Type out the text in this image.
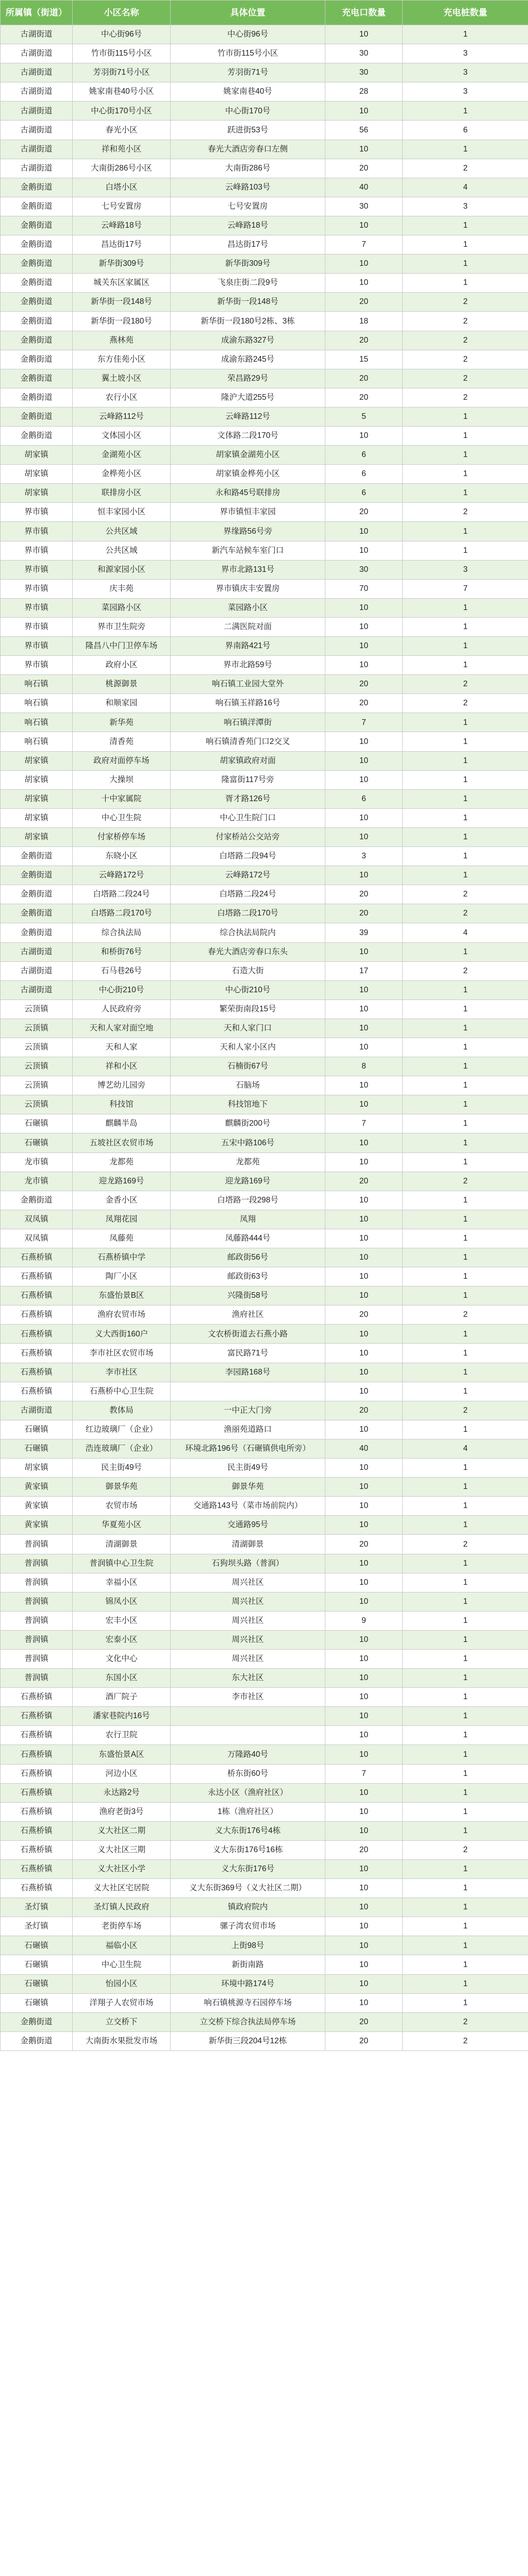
所属镇（街道）	小区名称	具体位置	充电口数量	充电桩数量
古湖街道	中心街96号	中心街96号	10	1
古湖街道	竹市街115号小区	竹市街115号小区	30	3
古湖街道	芳羽街71号小区	芳羽街71号	30	3
古湖街道	姚家南巷40号小区	姚家南巷40号	28	3
古湖街道	中心街170号小区	中心街170号	10	1
古湖街道	春光小区	跃进街53号	56	6
古湖街道	祥和苑小区	春光大酒店旁春口左侧	10	1
古湖街道	大南街286号小区	大南街286号	20	2
金鹅街道	白塔小区	云峰路103号	40	4
金鹅街道	七号安置房	七号安置房	30	3
金鹅街道	云峰路18号	云峰路18号	10	1
金鹅街道	昌达街17号	昌达街17号	7	1
金鹅街道	新华街309号	新华街309号	10	1
金鹅街道	城关东区家属区	飞泉庄街二段9号	10	1
金鹅街道	新华街一段148号	新华街一段148号	20	2
金鹅街道	新华街一段180号	新华街一段180号2栋、3栋	18	2
金鹅街道	燕林苑	成渝东路327号	20	2
金鹅街道	东方佳苑小区	成渝东路245号	15	2
金鹅街道	翼土坡小区	荣昌路29号	20	2
金鹅街道	农行小区	隆沪大道255号	20	2
金鹅街道	云峰路112号	云峰路112号	5	1
金鹅街道	文体园小区	文体路二段170号	10	1
胡家镇	金湖苑小区	胡家镇金湖苑小区	6	1
胡家镇	金桦苑小区	胡家镇金桦苑小区	6	1
胡家镇	联排房小区	永和路45号联排房	6	1
界市镇	恒丰家园小区	界市镇恒丰家园	20	2
界市镇	公共区域	界缘路56号旁	10	1
界市镇	公共区域	新汽车站候车室门口	10	1
界市镇	和源家园小区	界市北路131号	30	3
界市镇	庆丰苑	界市镇庆丰安置房	70	7
界市镇	菜园路小区	菜园路小区	10	1
界市镇	界市卫生院旁	二满医院对面	10	1
界市镇	隆昌八中门卫停车场	界南路421号	10	1
界市镇	政府小区	界市北路59号	10	1
响石镇	桃源御景	响石镇工业园大堂外	20	2
响石镇	和顺家园	响石镇玉祥路16号	20	2
响石镇	新华苑	响石镇洋潭街	7	1
响石镇	清香苑	响石镇清香苑门口2交叉	10	1
胡家镇	政府对面停车场	胡家镇政府对面	10	1
胡家镇	大操坝	隆富街117号旁	10	1
胡家镇	十中家属院	胥才路126号	6	1
胡家镇	中心卫生院	中心卫生院门口	10	1
胡家镇	付家桥停车场	付家桥站公交站旁	10	1
金鹅街道	东晓小区	白塔路二段94号	3	1
金鹅街道	云峰路172号	云峰路172号	10	1
金鹅街道	白塔路二段24号	白塔路二段24号	20	2
金鹅街道	白塔路二段170号	白塔路二段170号	20	2
金鹅街道	综合执法局	综合执法局院内	39	4
古湖街道	和桥街76号	春光大酒店旁春口东头	10	1
古湖街道	石马巷26号	石造大街	17	2
古湖街道	中心街210号	中心街210号	10	1
云顶镇	人民政府旁	繁荣街南段15号	10	1
云顶镇	天和人家对面空地	天和人家门口	10	1
云顶镇	天和人家	天和人家小区内	10	1
云顶镇	祥和小区	石楠街67号	8	1
云顶镇	博艺幼儿园旁	石脑场	10	1
云顶镇	科技馆	科技馆地下	10	1
石碾镇	麒麟半岛	麒麟街200号	7	1
石碾镇	五坡社区农贸市场	五宋中路106号	10	1
龙市镇	龙都苑	龙都苑	10	1
龙市镇	迎龙路169号	迎龙路169号	20	2
金鹅街道	金香小区	白塔路一段298号	10	1
双凤镇	凤翔花园	凤翔	10	1
双凤镇	凤藤苑	凤藤路444号	10	1
石燕桥镇	石燕桥镇中学	邮政街56号	10	1
石燕桥镇	陶厂小区	邮政街63号	10	1
石燕桥镇	东盛怡景B区	兴隆街58号	10	1
石燕桥镇	渔府农贸市场	渔府社区	20	2
石燕桥镇	义大西街160户	文农桥街道去石燕小路	10	1
石燕桥镇	李市社区农贸市场	富民路71号	10	1
石燕桥镇	李市社区	李园路168号	10	1
石燕桥镇	石燕桥中心卫生院		10	1
古湖街道	教体局	一中正大门旁	20	2
石碾镇	红边玻璃厂（企业）	渔丽苑道路口	10	1
石碾镇	浩连玻璃厂（企业）	环境北路196号（石碾镇供电所旁）	40	4
胡家镇	民主街49号	民主街49号	10	1
黄家镇	御景华苑	御景华苑	10	1
黄家镇	农贸市场	交通路143号（菜市场前院内）	10	1
黄家镇	华夏苑小区	交通路95号	10	1
普润镇	清湖御景	清湖御景	20	2
普润镇	普润镇中心卫生院	石狗坝头路（普润）	10	1
普润镇	幸福小区	周兴社区	10	1
普润镇	锦凤小区	周兴社区	10	1
普润镇	宏丰小区	周兴社区	9	1
普润镇	宏泰小区	周兴社区	10	1
普润镇	文化中心	周兴社区	10	1
普润镇	东国小区	东大社区	10	1
石燕桥镇	酒厂院子	李市社区	10	1
石燕桥镇	潘家巷院内16号		10	1
石燕桥镇	农行卫院		10	1
石燕桥镇	东盛怡景A区	万隆路40号	10	1
石燕桥镇	河边小区	桥东街60号	7	1
石燕桥镇	永达路2号	永达小区（渔府社区）	10	1
石燕桥镇	渔府老街3号	1栋（渔府社区）	10	1
石燕桥镇	义大社区二期	义大东街176号4栋	10	1
石燕桥镇	义大社区三期	义大东街176号16栋	20	2
石燕桥镇	义大社区小学	义大东街176号	10	1
石燕桥镇	义大社区宅居院	义大东街369号（义大社区二期）	10	1
圣灯镇	圣灯镇人民政府	镇政府院内	10	1
圣灯镇	老街停车场	骡子湾农贸市场	10	1
石碾镇	福临小区	上街98号	10	1
石碾镇	中心卫生院	新街南路	10	1
石碾镇	怡园小区	环境中路174号	10	1
石碾镇	洋翔子人农贸市场	响石镇桃源寺石园停车场	10	1
金鹅街道	立交桥下	立交桥下综合执法局停车场	20	2
金鹅街道	大南街水果批发市场	新华街三段204号12栋	20	2
